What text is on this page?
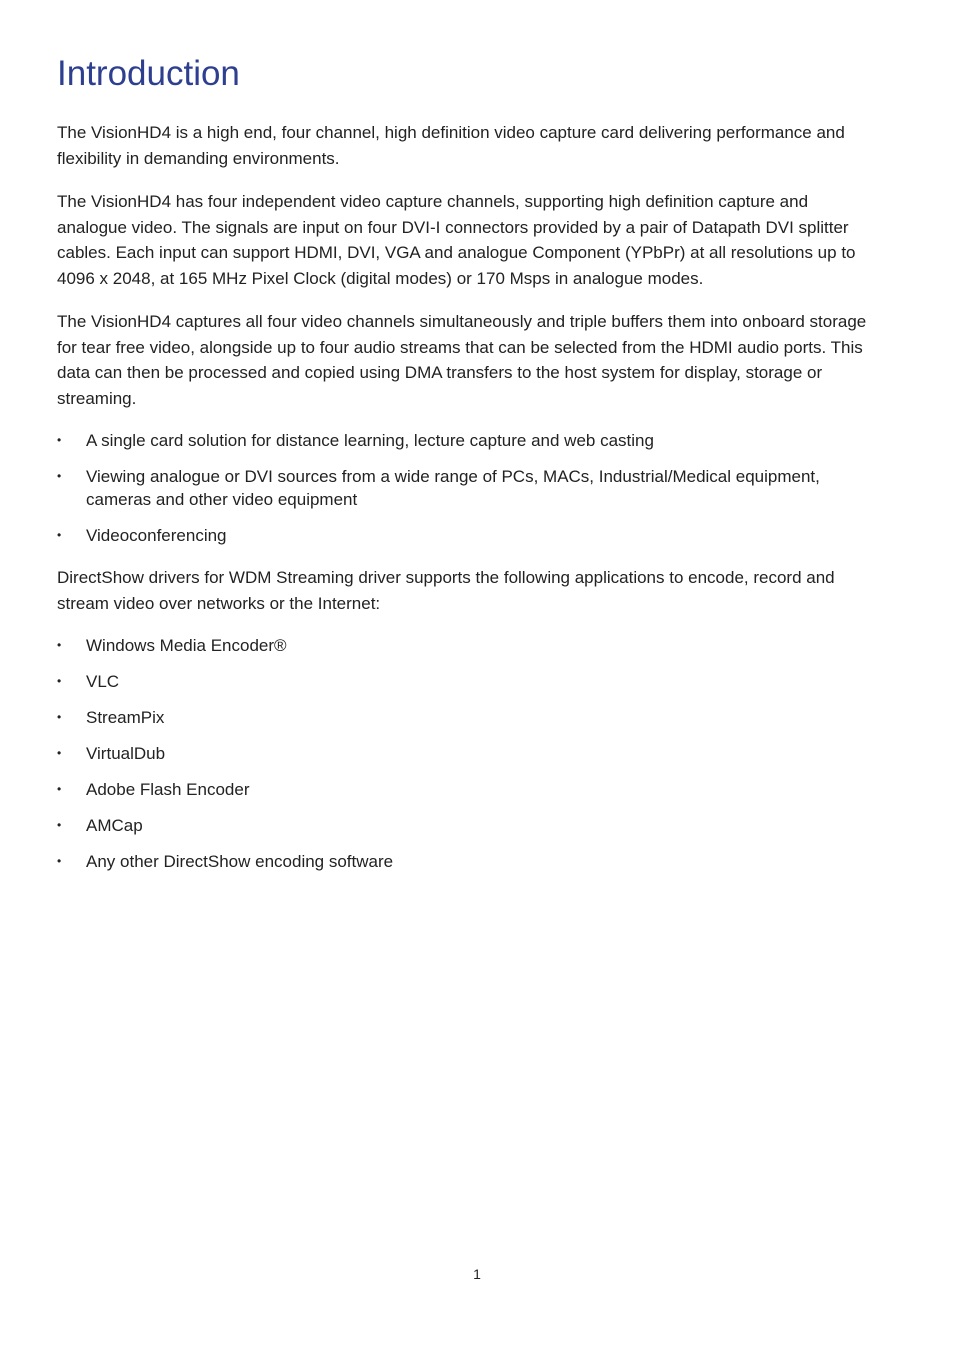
Introduction

The VisionHD4 is a high end, four channel, high definition video capture card delivering performance and flexibility in demanding environments.

The VisionHD4 has four independent video capture channels, supporting high definition capture and analogue video. The signals are input on four DVI-I connectors provided by a pair of Datapath DVI splitter cables. Each input can support HDMI, DVI, VGA and analogue Component (YPbPr) at all resolutions up to 4096 x 2048, at 165 MHz Pixel Clock (digital modes) or 170 Msps in analogue modes.

The VisionHD4 captures all four video channels simultaneously and triple buffers them into onboard storage for tear free video, alongside up to four audio streams that can be selected from the HDMI audio ports. This data can then be processed and copied using DMA transfers to the host system for display, storage or streaming.

• A single card solution for distance learning, lecture capture and web casting
• Viewing analogue or DVI sources from a wide range of PCs, MACs, Industrial/Medical equipment, cameras and other video equipment
• Videoconferencing

DirectShow drivers for WDM Streaming driver supports the following applications to encode, record and stream video over networks or the Internet:

• Windows Media Encoder®
• VLC
• StreamPix
• VirtualDub
• Adobe Flash Encoder
• AMCap
• Any other DirectShow encoding software
1
